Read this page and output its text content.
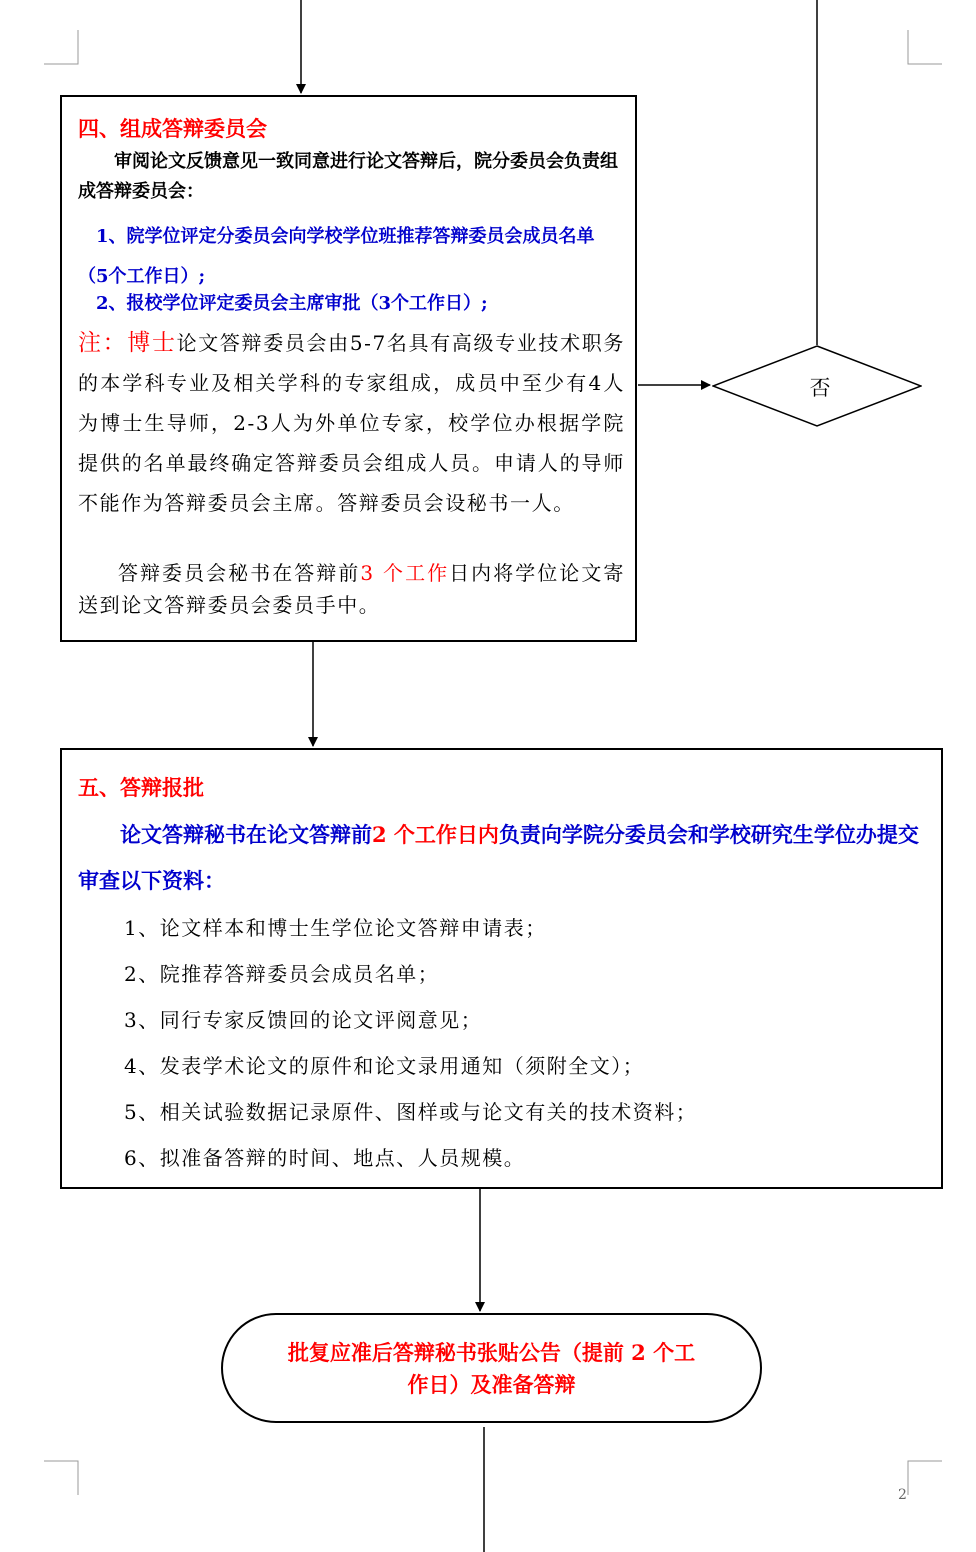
四、组成答辩委员会

审阅论文反馈意见一致同意进行论文答辩后，院分委员会负责组成答辩委员会：

1、院学位评定分委员会向学校学位班推荐答辩委员会成员名单（5个工作日）;

2、报校学位评定委员会主席审批（3个工作日）;

注：博士论文答辩委员会由5-7名具有高级专业技术职务的本学科专业及相关学科的专家组成，成员中至少有4人为博士生导师，2-3人为外单位专家，校学位办根据学院提供的名单最终确定答辩委员会组成人员。申请人的导师不能作为答辩委员会主席。答辩委员会设秘书一人。

答辩委员会秘书在答辩前3 个工作日内将学位论文寄送到论文答辩委员会委员手中。

否

五、答辩报批

论文答辩秘书在论文答辩前2 个工作日内负责向学院分委员会和学校研究生学位办提交审查以下资料：

1、论文样本和博士生学位论文答辩申请表；
2、院推荐答辩委员会成员名单；
3、同行专家反馈回的论文评阅意见；
4、发表学术论文的原件和论文录用通知（须附全文）；
5、相关试验数据记录原件、图样或与论文有关的技术资料；
6、拟准备答辩的时间、地点、人员规模。
批复应准后答辩秘书张贴公告（提前 2 个工作日）及准备答辩
2
